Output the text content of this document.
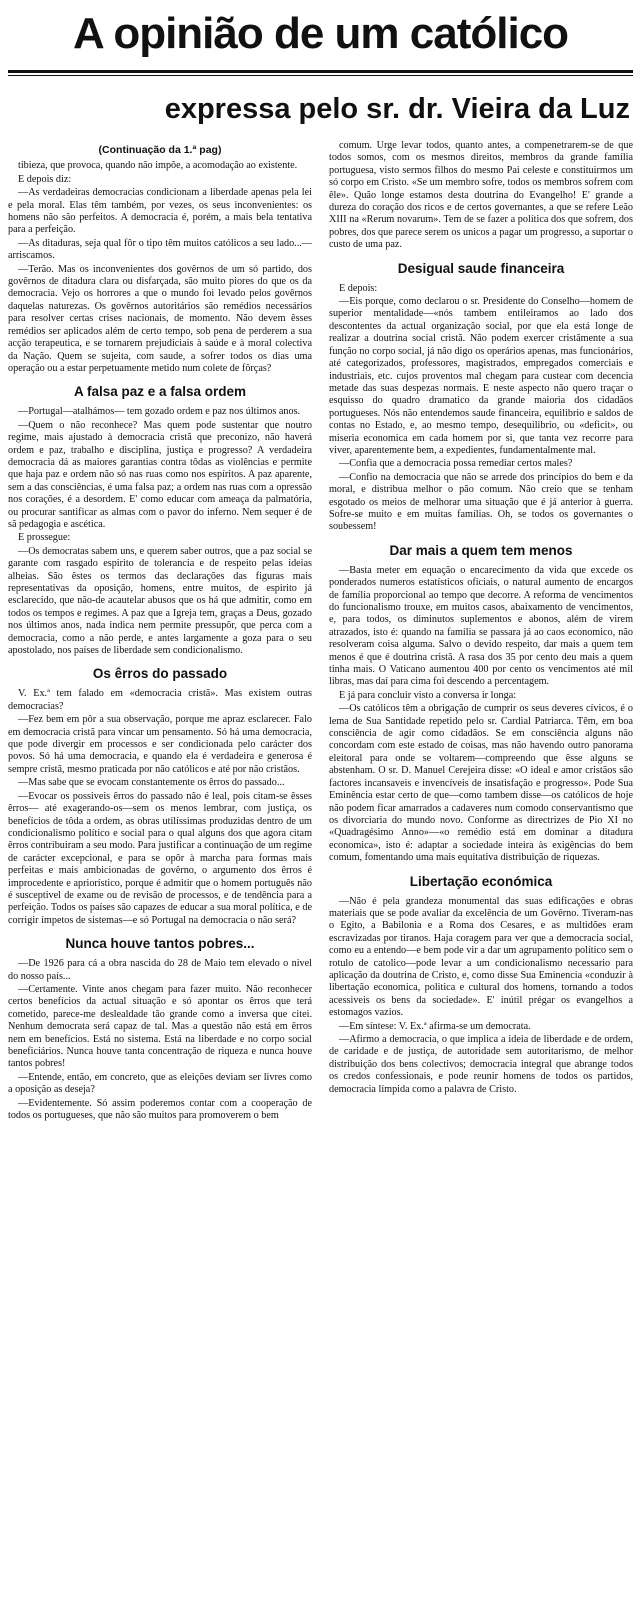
A opinião de um católico
expressa pelo sr. dr. Vieira da Luz
(Continuação da 1.ª pag)

tibieza, que provoca, quando não impõe, a acomodação ao existente.

E depois diz:

—As verdadeiras democracias condicionam a liberdade apenas pela lei e pela moral. Elas têm também, por vezes, os seus inconvenientes: os homens não são perfeitos. A democracia é, porém, a mais bela tentativa para a perfeição.

—As ditaduras, seja qual fôr o tipo têm muitos católicos a seu lado...—arriscamos.

—Terão. Mas os inconvenientes dos govêrnos de um só partido, dos govêrnos de ditadura clara ou disfarçada, são muito piores do que os da democracia. Vejo os horrores a que o mundo foi levado pelos govêrnos daquelas naturezas. Os govêrnos autoritários são remédios necessários para resolver certas crises nacionais, de momento. Não devem êsses remédios ser aplicados além de certo tempo, sob pena de perderem a sua acção terapeutica, e se tornarem prejudiciais à saúde e à moral colectiva da Nação. Quem se sujeita, com saude, a sofrer todos os dias uma operação ou a estar perpetuamente metido num colete de fôrças?

A falsa paz e a falsa ordem

—Portugal—atalhámos— tem gozado ordem e paz nos últimos anos.

—Quem o não reconhece? Mas quem pode sustentar que noutro regime, mais ajustado à democracia cristã que preconizo, não haverá ordem e paz, trabalho e disciplina, justiça e progresso? A verdadeira democracia dá as maiores garantias contra tôdas as violências e permite que haja paz e ordem não só nas ruas como nos espíritos. A paz aparente, sem a das consciências, é uma falsa paz; a ordem nas ruas com a opressão nos corações, é a desordem. E' como educar com ameaça da palmatória, ou procurar santificar as almas com o pavor do inferno. Nem sequer é de sã pedagogia e ascética.

E prossegue:

—Os democratas sabem uns, e querem saber outros, que a paz social se garante com rasgado espirito de tolerancia e de respeito pelas ideias alheias. São êstes os termos das declarações das figuras mais representativas da oposição, homens, entre muitos, de espirito já esclarecido, que não-de acautelar abusos que os há que admitir, como em todos os tempos e regimes. A paz que a Igreja tem, graças a Deus, gozado nos últimos anos, nada indica nem permite pressupôr, que perca com a democracia, como a não perde, e antes largamente a goza para o seu apostolado, nos países de liberdade sem condicionalismo.

Os êrros do passado

V. Ex.ª tem falado em «democracia cristã». Mas existem outras democracias?

—Fez bem em pôr a sua observação, porque me apraz esclarecer. Falo em democracia cristã para vincar um pensamento. Só há uma democracia, que pode divergir em processos e ser condicionada pelo carácter dos povos. Só há uma democracia, e quando ela é verdadeira e generosa é sempre cristã, mesmo praticada por não católicos e até por não cristãos.

—Mas sabe que se evocam constantemente os êrros do passado...

—Evocar os possiveis êrros do passado não é leal, pois citam-se êsses êrros— até exagerando-os—sem os menos lembrar, com justiça, os benefícios de tôda a ordem, as obras utilíssimas produzidas dentro de um condicionalismo político e social para o qual alguns dos que agora citam êrros contribuiram a seu modo. Para justificar a continuação de um regime de carácter excepcional, e para se opôr à marcha para formas mais perfeitas e mais ambicionadas de govêrno, o argumento dos êrros é improcedente e apriorístico, porque é admitir que o homem português não é susceptivel de exame ou de revisão de processos, e de tendência para a perfeição. Todos os países são capazes de educar a sua moral política, e de corrigir ímpetos de sistemas—e só Portugal na democracia o não será?

Nunca houve tantos pobres...

—De 1926 para cá a obra nascida do 28 de Maio tem elevado o nivel do nosso país...

—Certamente. Vinte anos chegam para fazer muito. Não reconhecer certos benefícios da actual situação e só apontar os êrros que terá cometido, parece-me deslealdade tão grande como a inversa que citei. Nenhum democrata será capaz de tal. Mas a questão não está em êrros nem em benefícios. Está no sistema. Está na liberdade e no corpo social beneficiários. Nunca houve tanta concentração de riqueza e nunca houve tantos pobres!

—Entende, então, em concreto, que as eleições deviam ser livres como a oposição as deseja?

—Evidentemente. Só assim poderemos contar com a cooperação de todos os portugueses, que não são muitos para promoverem o bem

comum. Urge levar todos, quanto antes, a compenetrarem-se de que todos somos, com os mesmos direitos, membros da grande família portuguesa, visto sermos filhos do mesmo Pai celeste e constituirmos um só corpo em Cristo. «Se um membro sofre, todos os membros sofrem com êle». Quão longe estamos desta doutrina do Evangelho! E' grande a dureza do coração dos ricos e de certos governantes, a que se refere Leão XIII na «Rerum novarum». Tem de se fazer a política dos que sofrem, dos pobres, dos que parece serem os unicos a pagar um progresso, a suportar o custo de uma paz.

Desigual saude financeira

E depois:

—Eis porque, como declarou o sr. Presidente do Conselho—homem de superior mentalidade—«nós tambem entileiramos ao lado dos descontentes da actual organização social, por que ela está longe de realizar a doutrina social cristã. Não podem exercer cristãmente a sua função no corpo social, já não digo os operários apenas, mas funcionários, até categorizados, professores, magistrados, empregados comerciais e industriais, etc. cujos proventos mal chegam para custear com decencia metade das suas despezas normais. E neste aspecto não quero traçar o esquisso do quadro dramatico da grande maioria dos cidadãos portugueses. Nós não entendemos saude financeira, equilibrio e saldos de contas no Estado, e, ao mesmo tempo, desequilibrio, ou «deficit», ou miseria economica em cada homem por si, que tanta vez recorre para viver, aparentemente bem, a expedientes, fundamentalmente mal.

—Confia que a democracia possa remediar certos males?

—Confio na democracia que não se arrede dos princípios do bem e da moral, e distribua melhor o pão comum. Não creio que se tenham esgotado os meios de melhorar uma situação que é já anterior à guerra. Sofre-se muito e em muitas famílias. Oh, se todos os governantes o soubessem!

Dar mais a quem tem menos

—Basta meter em equação o encarecimento da vida que excede os ponderados numeros estatísticos oficiais, o natural aumento de encargos de família proporcional ao tempo que decorre. A reforma de vencimentos do funcionalismo trouxe, em muitos casos, abaixamento de vencimentos, e, para todos, os diminutos suplementos e abonos, além de virem atrazados, isto é: quando na família se passara já ao caos economico, não resolveram coisa alguma. Salvo o devido respeito, dar mais a quem tem menos é que é doutrina cristã. A rasa dos 35 por cento deu mais a quem tinha mais. O Vaticano aumentou 400 por cento os vencimentos até mil libras, mas daí para cima foi descendo a percentagem.

E já para concluir visto a conversa ir longa:

—Os católicos têm a obrigação de cumprir os seus deveres cívicos, é o lema de Sua Santidade repetido pelo sr. Cardial Patriarca. Têm, em boa consciência de agir como cidadãos. Se em consciência alguns não concordam com este estado de coisas, mas não havendo outro panorama eleitoral para onde se voltarem—compreendo que êsse alguns se abstenham. O sr. D. Manuel Cerejeira disse: «O ideal e amor cristãos são factores incansaveis e invencíveis de insatisfação e progresso». Pode Sua Eminência estar certo de que—como tambem disse—os católicos de hoje não podem ficar amarrados a cadaveres num comodo conservantismo que os divorciaria do mundo novo. Conforme as directrizes de Pio XI no «Quadragésimo Anno»—«o remédio está em dominar a ditadura economica», isto é: adaptar a sociedade inteira às exigências do bem comum, fomentando uma mais equitativa distribuição de riquezas.

Libertação económica

—Não é pela grandeza monumental das suas edificações e obras materiais que se pode avaliar da excelência de um Govêrno. Tiveram-nas o Egito, a Babilonia e a Roma dos Cesares, e as multidões eram escravizadas por tiranos. Haja coragem para ver que a democracia social, como eu a entendo—e bem pode vir a dar um agrupamento político sem o rotulo de catolico—pode levar a um condicionalismo necessario para aplicação da doutrina de Cristo, e, como disse Sua Eminencia «conduzir à libertação economica, politica e cultural dos homens, tornando a todos acessiveis os bens da sociedade». E' inútil prégar os evangelhos a estomagos vazios.

—Em síntese: V. Ex.ª afirma-se um democrata.

—Afirmo a democracia, o que implica a ideia de liberdade e de ordem, de caridade e de justiça, de autoridade sem autoritarismo, de melhor distribuição dos bens colectivos; democracia integral que abrange todos os credos confessionais, e pode reunir homens de todos os partidos, democracia límpida como a palavra de Cristo.
